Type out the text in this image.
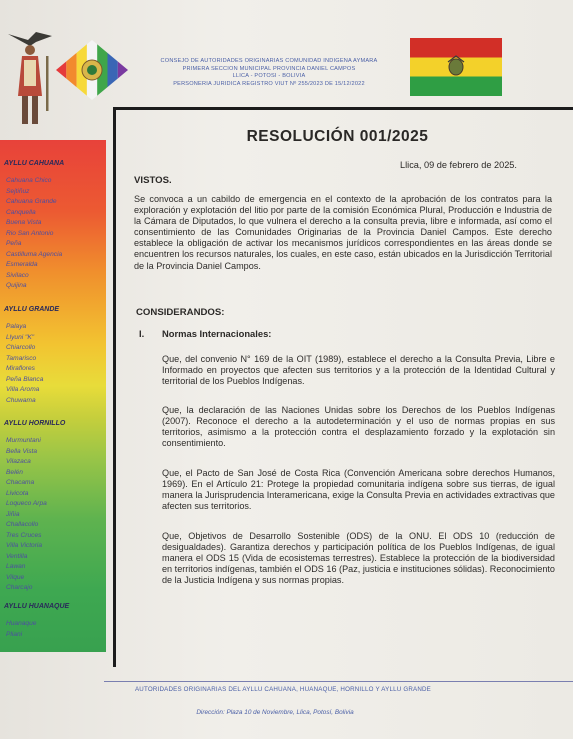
CONSEJO DE AUTORIDADES ORIGINARIAS COMUNIDAD INDÍGENA AYMARA
PRIMERA SECCIÓN MUNICIPAL PROVINCIA DANIEL CAMPOS
LLICA - POTOSÍ - BOLIVIA
PERSONERÍA JURÍDICA REGISTRO VIUT Nº 255/2023 DE 15/12/2022
AYLLU CAHUANA
Cahuana Chico
Sejtiñuz
Cahuana Grande
Canquella
Buena Vista
Rio San Antonio
Peña
Castilluma Agencia
Esmeralda
Sivilaco
Quijina
AYLLU GRANDE
Palaya
Llyuni "K"
Chiarcollo
Tamarisco
Miraflores
Peña Blanca
Villa Aroma
Chuwama
AYLLU HORNILLO
Murmuntani
Bella Vista
Vilazaca
Belén
Chacama
Livicota
Loqueco Arpa
Jiñia
Challacollo
Tres Cruces
Villa Victoria
Ventilla
Lawan
Vilque
Charcajo
AYLLU HUANAQUE
Huanaque
Pliani
RESOLUCIÓN 001/2025
Llica, 09 de febrero de 2025.
VISTOS.
Se convoca a un cabildo de emergencia en el contexto de la aprobación de los contratos para la exploración y explotación del litio por parte de la comisión Económica Plural, Producción e Industria de la Cámara de Diputados, lo que vulnera el derecho a la consulta previa, libre e informada, así como el consentimiento de las Comunidades Originarias de la Provincia Daniel Campos. Este derecho establece la obligación de activar los mecanismos jurídicos correspondientes en las áreas donde se encuentren los recursos naturales, los cuales, en este caso, están ubicados en la Jurisdicción Territorial de la Provincia Daniel Campos.
CONSIDERANDOS:
I. Normas Internacionales:
Que, del convenio N° 169 de la OIT (1989), establece el derecho a la Consulta Previa, Libre e Informado en proyectos que afecten sus territorios y a la protección de la Identidad Cultural y territorial de los Pueblos Indígenas.
Que, la declaración de las Naciones Unidas sobre los Derechos de los Pueblos Indígenas (2007). Reconoce el derecho a la autodeterminación y el uso de normas propias en sus territorios, asimismo a la protección contra el desplazamiento forzado y la explotación sin consentimiento.
Que, el Pacto de San José de Costa Rica (Convención Americana sobre derechos Humanos, 1969). En el Artículo 21: Protege la propiedad comunitaria indígena sobre sus tierras, de igual manera la Jurisprudencia Interamericana, exige la Consulta Previa en actividades extractivas que afecten sus territorios.
Que, Objetivos de Desarrollo Sostenible (ODS) de la ONU. El ODS 10 (reducción de desigualdades). Garantiza derechos y participación política de los Pueblos Indígenas, de igual manera el ODS 15 (Vida de ecosistemas terrestres). Establece la protección de la biodiversidad en territorios indígenas, también el ODS 16 (Paz, justicia e instituciones sólidas). Reconocimiento de la Justicia Indígena y sus normas propias.
AUTORIDADES ORIGINARIAS DEL AYLLU CAHUANA, HUANAQUE, HORNILLO Y AYLLU GRANDE
Dirección: Plaza 10 de Noviembre, Llica, Potosí, Bolivia
